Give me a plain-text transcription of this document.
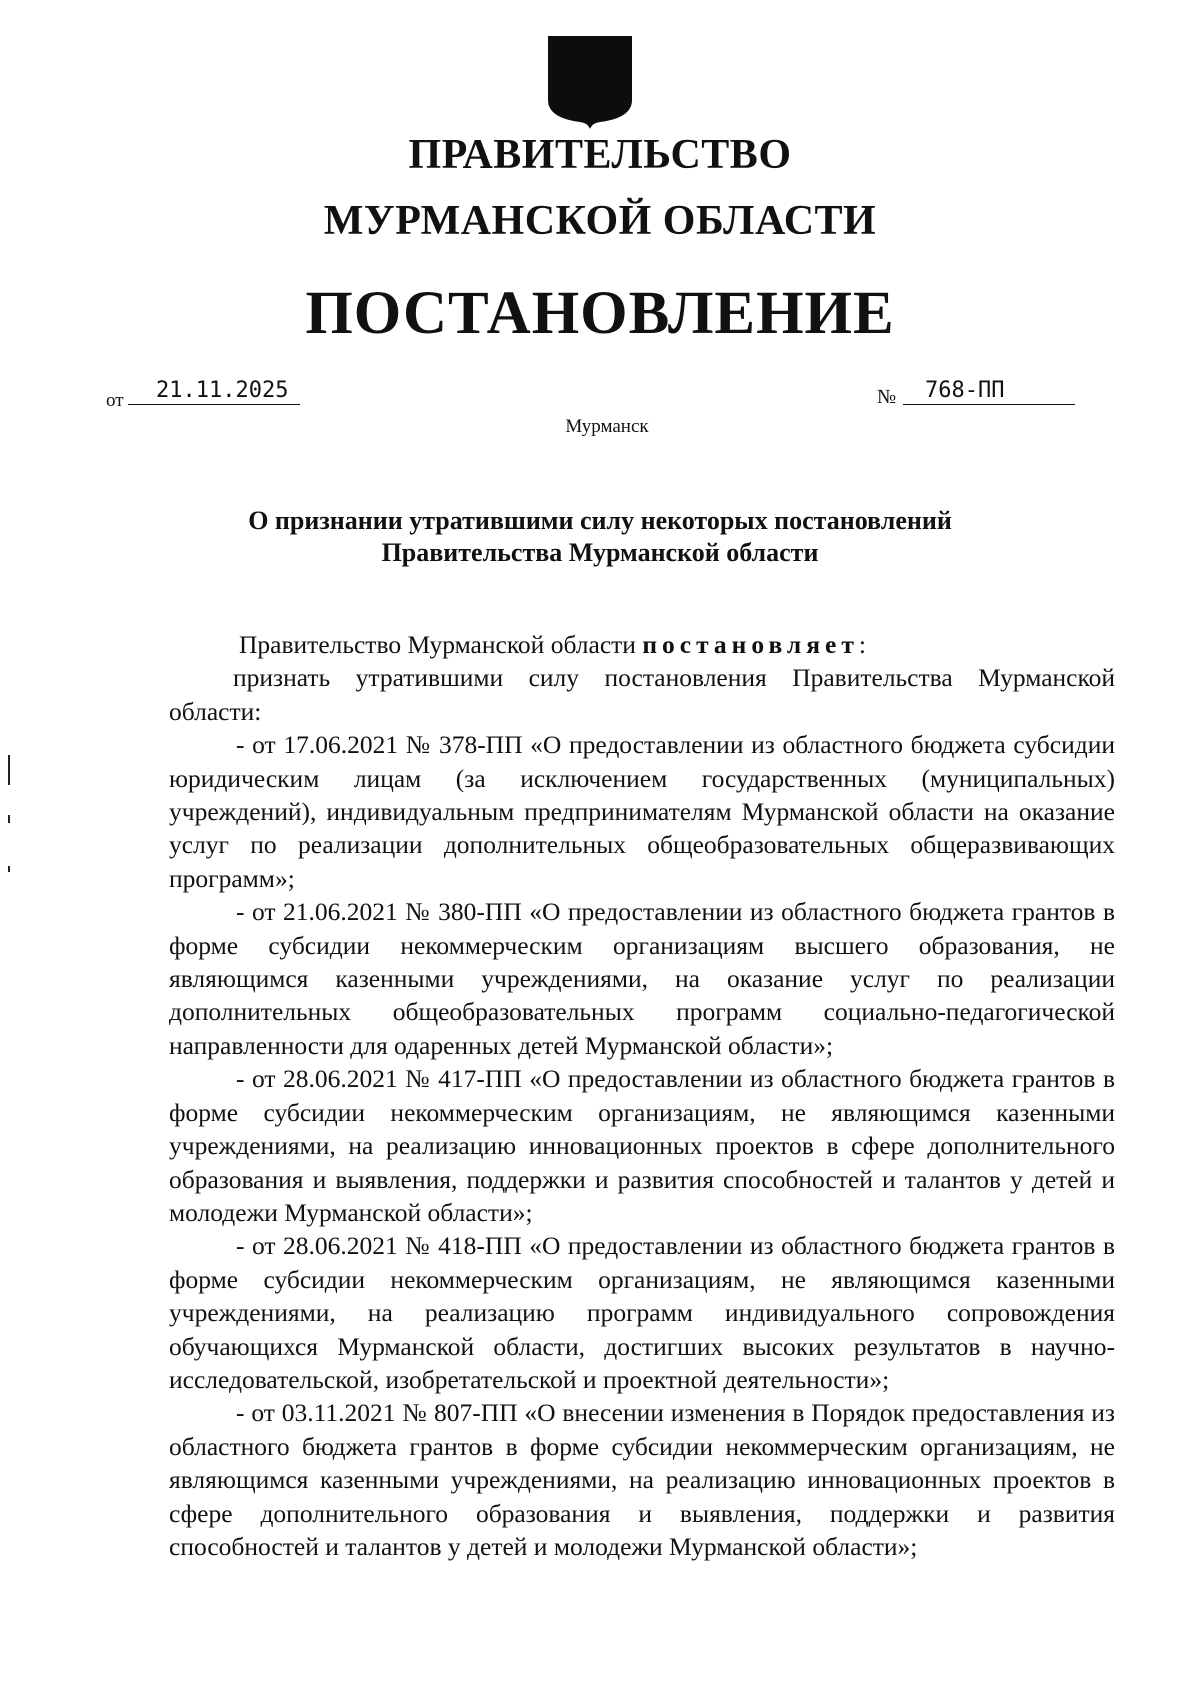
ПРАВИТЕЛЬСТВО
МУРМАНСКОЙ ОБЛАСТИ
ПОСТАНОВЛЕНИЕ
от	21.11.2025	№	768-ПП
Мурманск
О признании утратившими силу некоторых постановлений
Правительства Мурманской области

Правительство Мурманской области постановляет:

признать утратившими силу постановления Правительства Мурманской области:

- от 17.06.2021 № 378-ПП «О предоставлении из областного бюджета субсидии юридическим лицам (за исключением государственных (муниципальных) учреждений), индивидуальным предпринимателям Мурманской области на оказание услуг по реализации дополнительных общеобразовательных общеразвивающих программ»;

- от 21.06.2021 № 380-ПП «О предоставлении из областного бюджета грантов в форме субсидии некоммерческим организациям высшего образования, не являющимся казенными учреждениями, на оказание услуг по реализации дополнительных общеобразовательных программ социально-педагогической направленности для одаренных детей Мурманской области»;

- от 28.06.2021 № 417-ПП «О предоставлении из областного бюджета грантов в форме субсидии некоммерческим организациям, не являющимся казенными учреждениями, на реализацию инновационных проектов в сфере дополнительного образования и выявления, поддержки и развития способностей и талантов у детей и молодежи Мурманской области»;

- от 28.06.2021 № 418-ПП «О предоставлении из областного бюджета грантов в форме субсидии некоммерческим организациям, не являющимся казенными учреждениями, на реализацию программ индивидуального сопровождения обучающихся Мурманской области, достигших высоких результатов в научно-исследовательской, изобретательской и проектной деятельности»;

- от 03.11.2021 № 807-ПП «О внесении изменения в Порядок предоставления из областного бюджета грантов в форме субсидии некоммерческим организациям, не являющимся казенными учреждениями, на реализацию инновационных проектов в сфере дополнительного образования и выявления, поддержки и развития способностей и талантов у детей и молодежи Мурманской области»;
